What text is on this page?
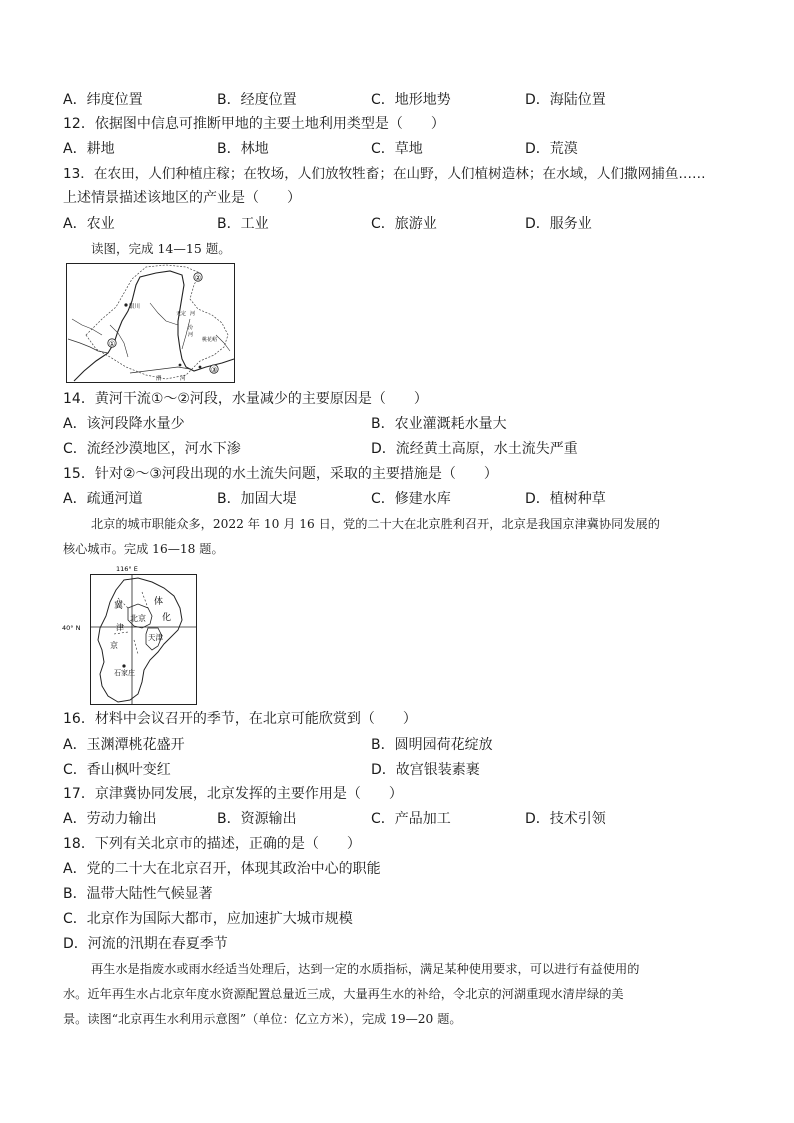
A．纬度位置	B．经度位置	C．地形地势	D．海陆位置
12．依据图中信息可推断甲地的主要土地利用类型是（　　）
A．耕地	B．林地	C．草地	D．荒漠
13．在农田，人们种植庄稼；在牧场，人们放牧牲畜；在山野，人们植树造林；在水域，人们撒网捕鱼……
上述情景描述该地区的产业是（　　）
A．农业	B．工业	C．旅游业	D．服务业
读图，完成 14—15 题。
①
②
③
银川
无定 河
汾
河
桃花峪
渭	河
14．黄河干流①～②河段，水量减少的主要原因是（　　）
A．该河段降水量少	B．农业灌溉耗水量大
C．流经沙漠地区，河水下渗	D．流经黄土高原，水土流失严重
15．针对②～③河段出现的水土流失问题，采取的主要措施是（　　）
A．疏通河道	B．加固大堤	C．修建水库	D．植树种草
北京的城市职能众多，2022 年 10 月 16 日，党的二十大在北京胜利召开，北京是我国京津冀协同发展的
核心城市。完成 16—18 题。
116° E
40° N
冀	体
化
北京
京
津
天津
石家庄
16．材料中会议召开的季节，在北京可能欣赏到（　　）
A．玉渊潭桃花盛开	B．圆明园荷花绽放
C．香山枫叶变红	D．故宫银装素裹
17．京津冀协同发展，北京发挥的主要作用是（　　）
A．劳动力输出	B．资源输出	C．产品加工	D．技术引领
18．下列有关北京市的描述，正确的是（　　）
A．党的二十大在北京召开，体现其政治中心的职能
B．温带大陆性气候显著
C．北京作为国际大都市，应加速扩大城市规模
D．河流的汛期在春夏季节
再生水是指废水或雨水经适当处理后，达到一定的水质指标，满足某种使用要求，可以进行有益使用的
水。近年再生水占北京年度水资源配置总量近三成，大量再生水的补给，令北京的河湖重现水清岸绿的美
景。读图“北京再生水利用示意图”（单位：亿立方米），完成 19—20 题。
